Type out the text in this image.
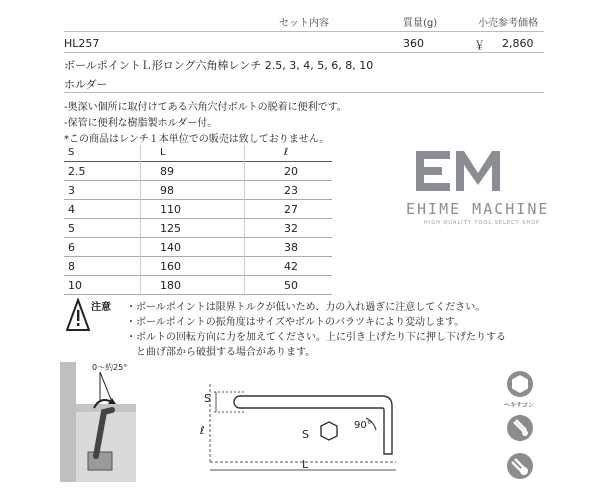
セット内容	質量(g)	小売参考価格
HL257	360	￥ 2,860
ボールポイントＬ形ロング六角棒レンチ 2.5, 3, 4, 5, 6, 8, 10
ホルダー
-奥深い個所に取付けてある六角穴付ボルトの脱着に便利です。
-保管に便利な樹脂製ホルダー付。
*この商品はレンチ１本単位での販売は致しておりません。
S	L	ℓ
2.5	89	20
3	98	23
4	110	27
5	125	32
6	140	38
8	160	42
10	180	50
EHIME MACHINE
HIGH QUALITY TOOL SELECT SHOP
注意 ・ボールポイントは限界トルクが低いため、力の入れ過ぎに注意してください。
・ボールポイントの振角度はサイズやボルトのバラツキにより変动します。
・ボルトの回転方向に力を加えてください。上に引き上げたり下に押し下げたりする
　と曲げ部から破損する場合があります。
0〜約25°
S
ℓ	S
90°
L
ヘキサゴン
